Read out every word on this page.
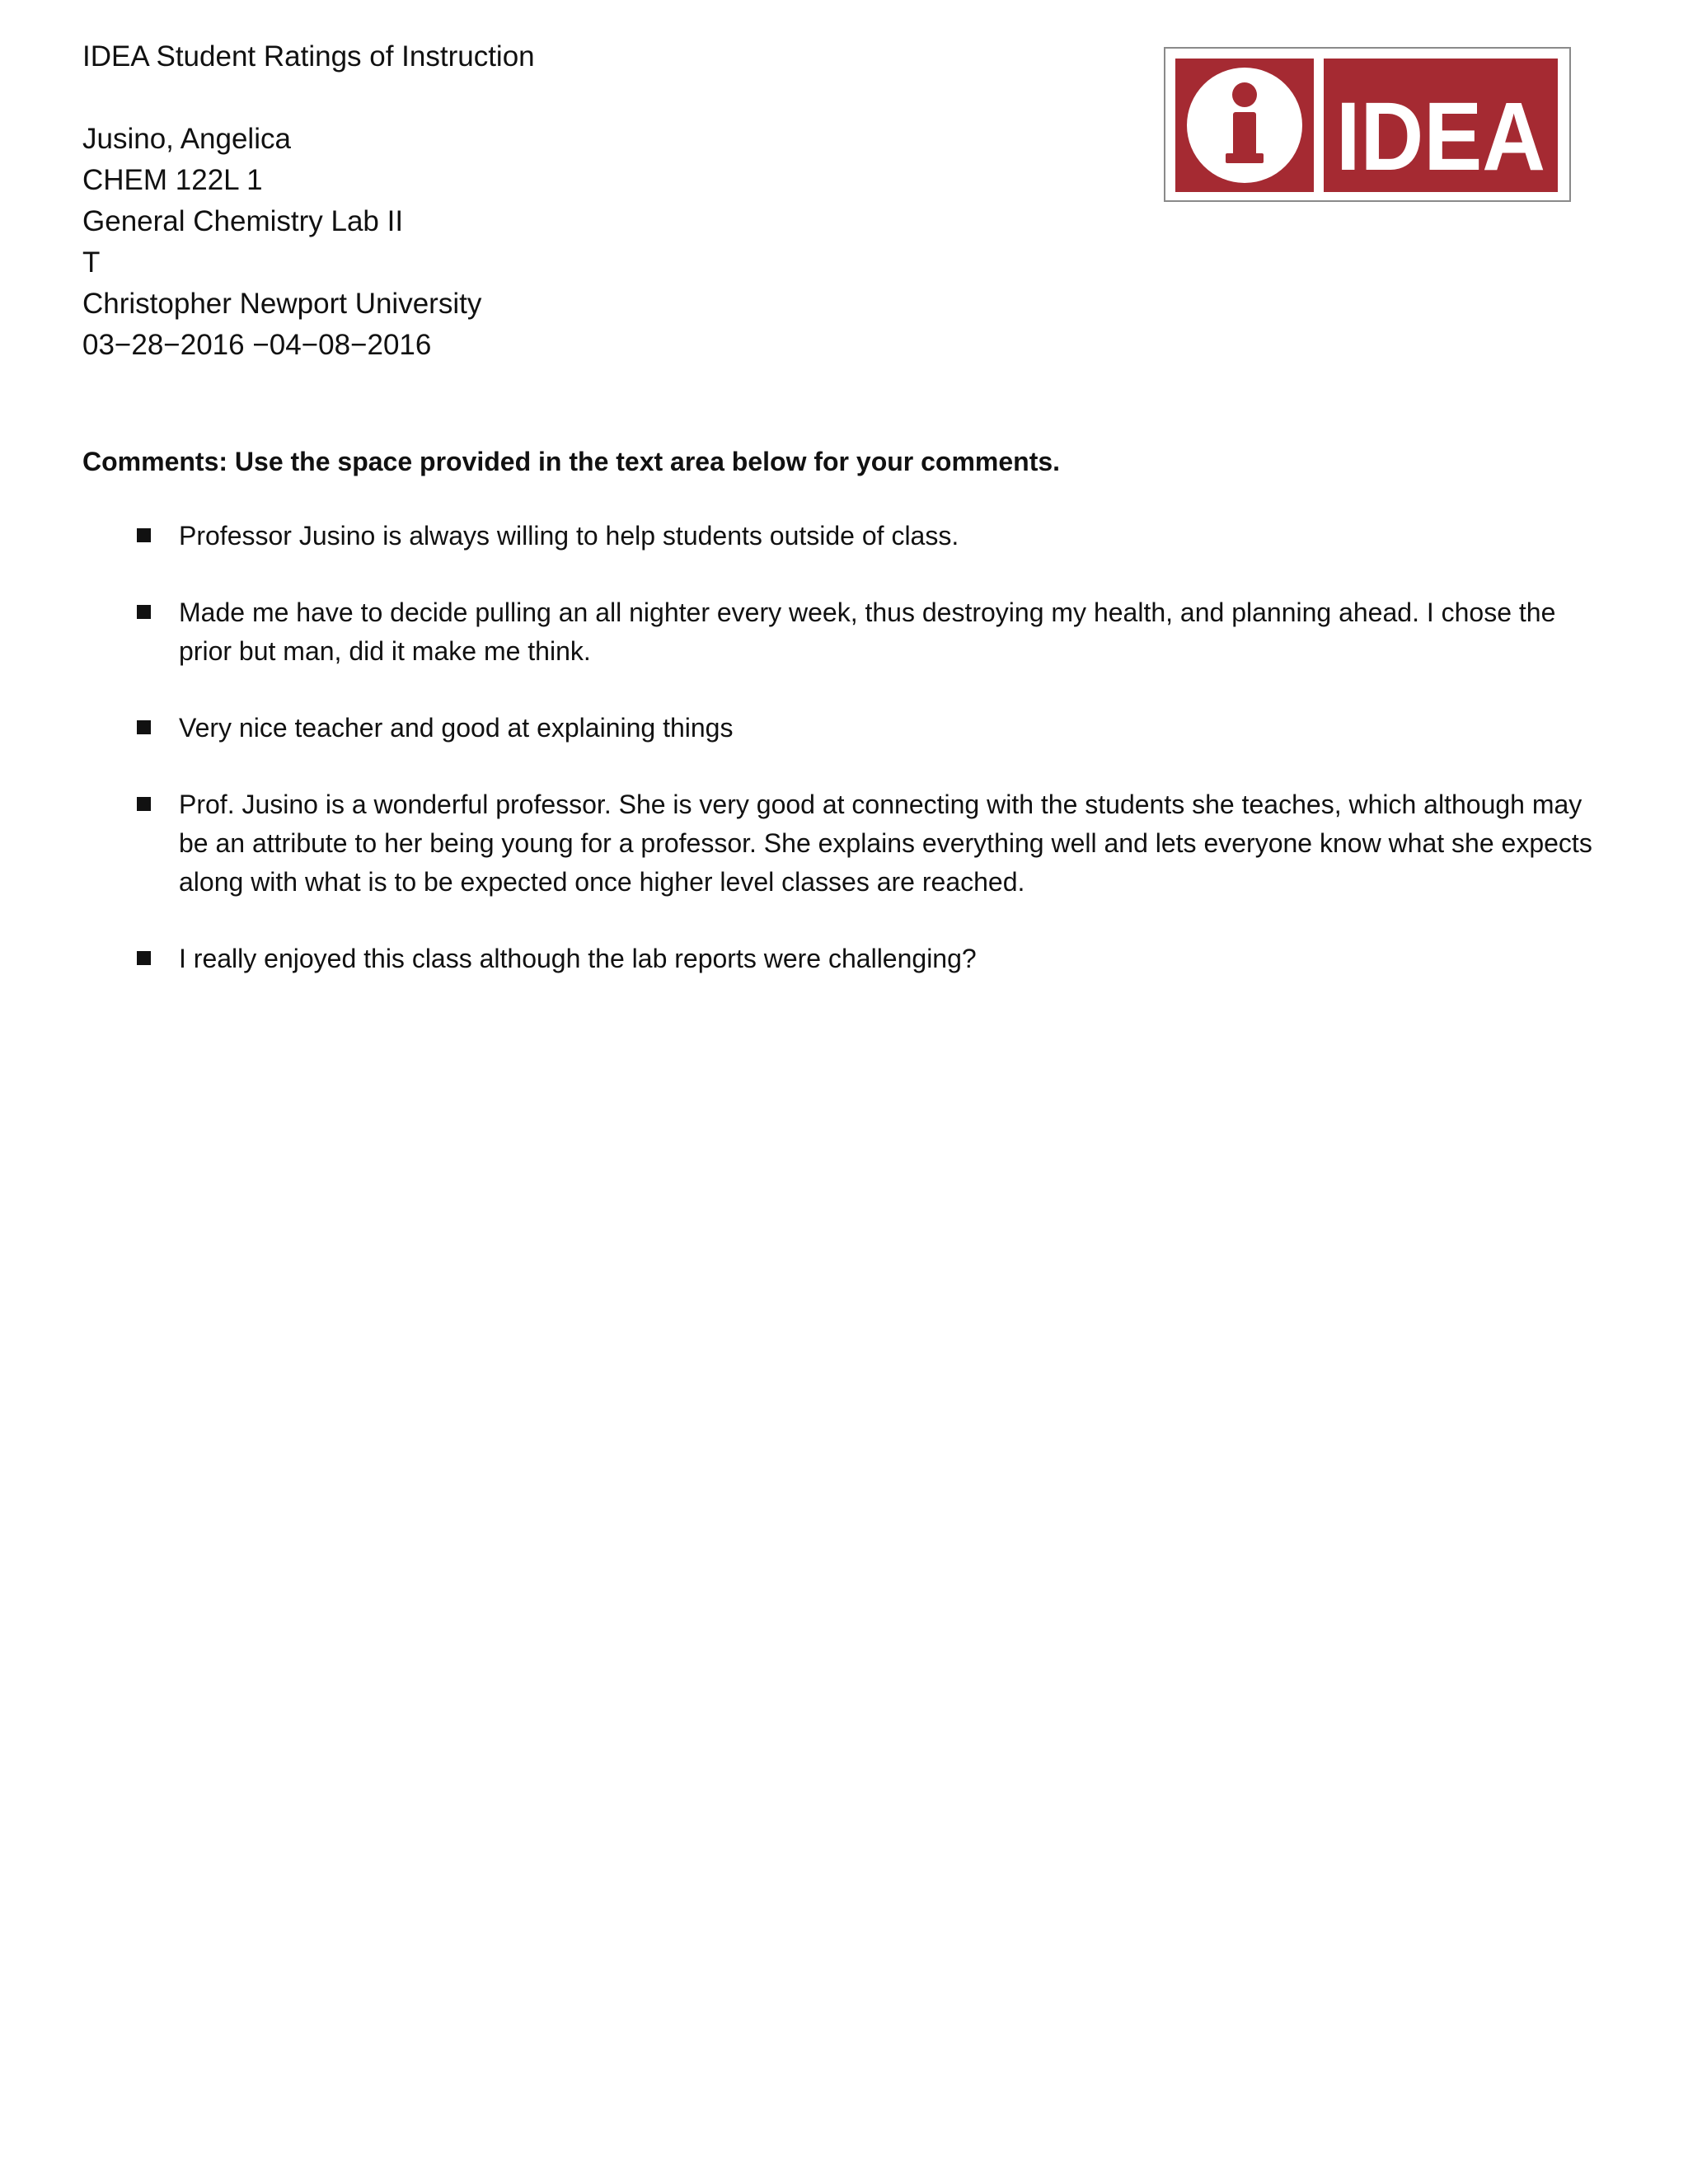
IDEA Student Ratings of Instruction
Jusino, Angelica
CHEM 122L 1
General Chemistry Lab II
T
Christopher Newport University
03−28−2016 −04−08−2016
IDEA
Comments: Use the space provided in the text area below for your comments.
Professor Jusino is always willing to help students outside of class.
Made me have to decide pulling an all nighter every week, thus destroying my health, and planning ahead. I chose the prior but man, did it make me think.
Very nice teacher and good at explaining things
Prof. Jusino is a wonderful professor. She is very good at connecting with the students she teaches, which although may be an attribute to her being young for a professor. She explains everything well and lets everyone know what she expects along with what is to be expected once higher level classes are reached.
I really enjoyed this class although the lab reports were challenging?
